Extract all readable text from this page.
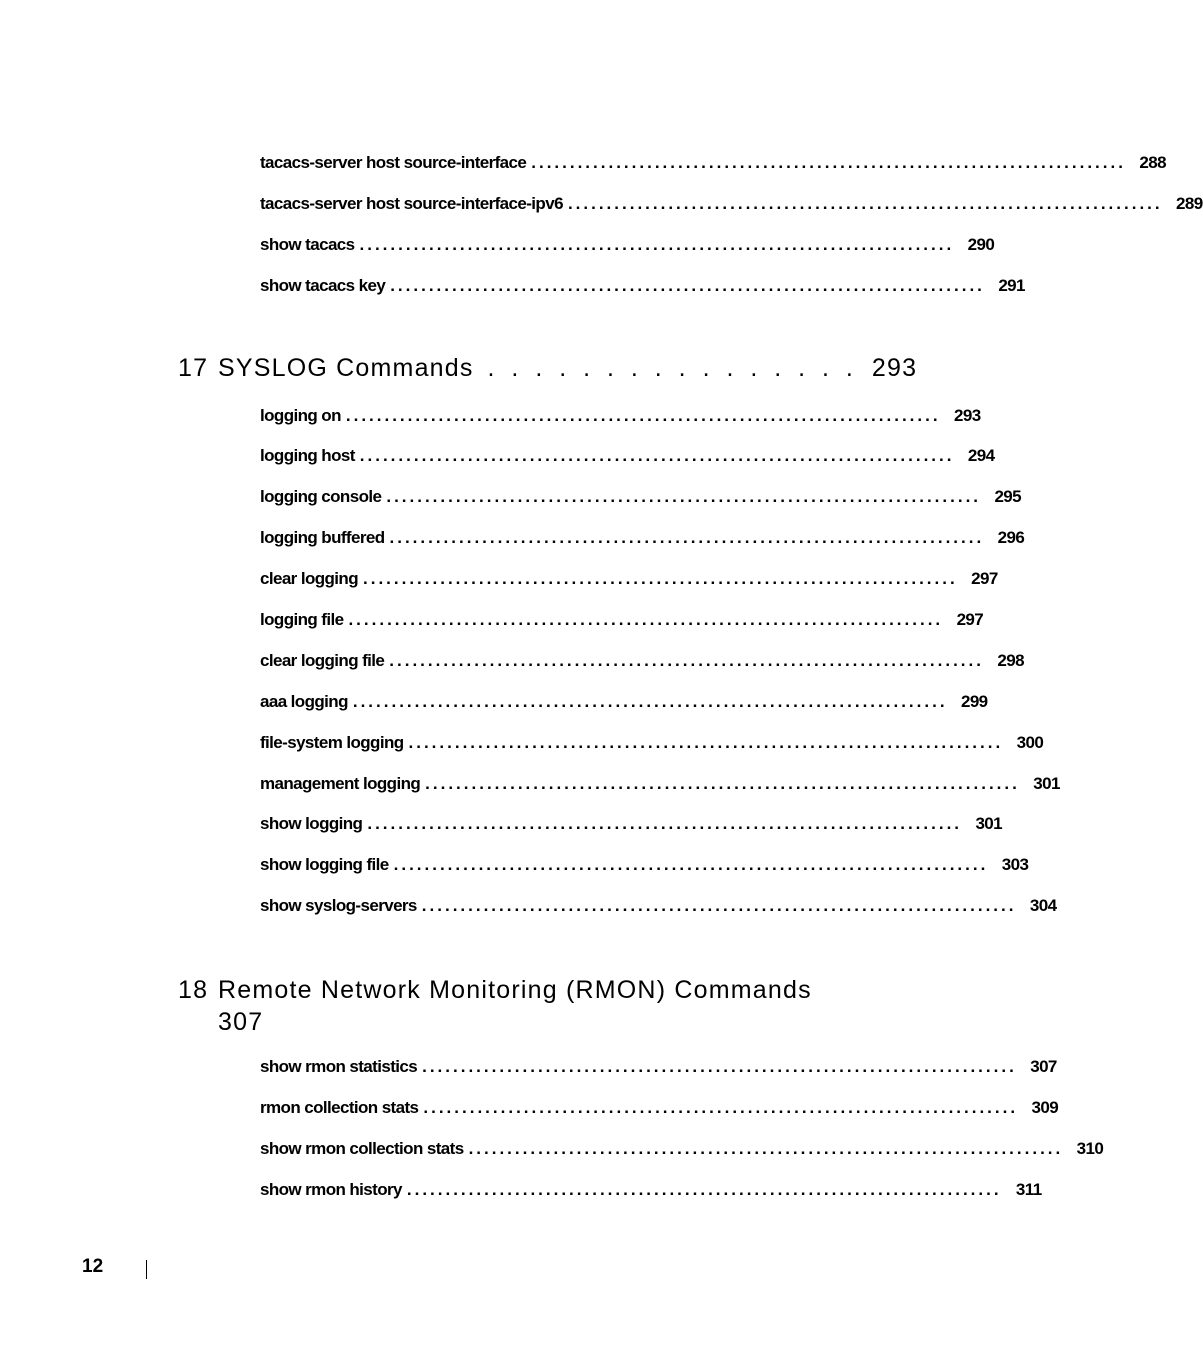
tacacs-server host source-interface ............................................................................. 288
tacacs-server host source-interface-ipv6 ............................................................................. 289
show tacacs ............................................................................. 290
show tacacs key ............................................................................. 291
17 SYSLOG Commands . . . . . . . . . . . . . . . . 293
logging on ............................................................................. 293
logging host ............................................................................. 294
logging console ............................................................................. 295
logging buffered ............................................................................. 296
clear logging ............................................................................. 297
logging file ............................................................................. 297
clear logging file ............................................................................. 298
aaa logging ............................................................................. 299
file-system logging ............................................................................. 300
management logging ............................................................................. 301
show logging ............................................................................. 301
show logging file ............................................................................. 303
show syslog-servers ............................................................................. 304
18 Remote Network Monitoring (RMON) Commands
307
show rmon statistics ............................................................................. 307
rmon collection stats ............................................................................. 309
show rmon collection stats ............................................................................. 310
show rmon history ............................................................................. 311
12
